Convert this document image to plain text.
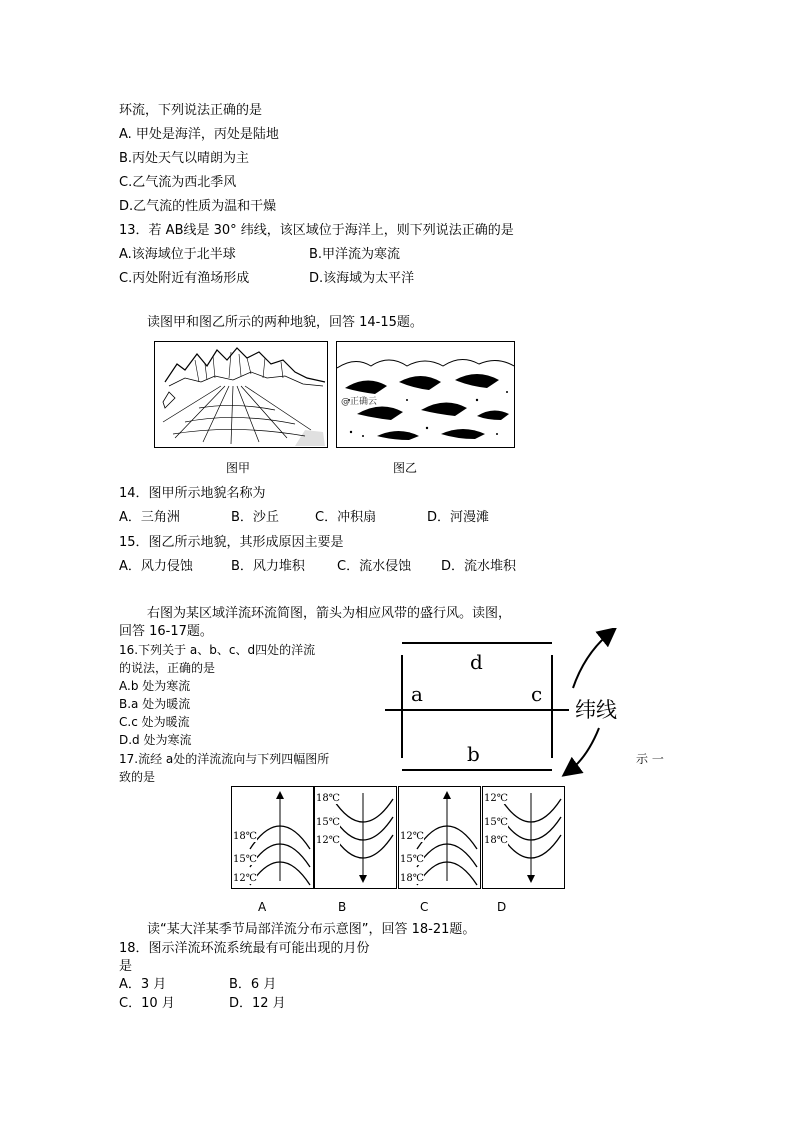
环流，下列说法正确的是
A. 甲处是海洋，丙处是陆地
B.丙处天气以晴朗为主
C.乙气流为西北季风
D.乙气流的性质为温和干燥
13．若 AB线是 30° 纬线，该区域位于海洋上，则下列说法正确的是
A.该海域位于北半球	B.甲洋流为寒流
C.丙处附近有渔场形成	D.该海域为太平洋
读图甲和图乙所示的两种地貌，回答 14-15题。
图甲
@正确云
图乙
14．图甲所示地貌名称为
A．三角洲	B．沙丘	C．冲积扇	D．河漫滩
15．图乙所示地貌，其形成原因主要是
A．风力侵蚀	B．风力堆积 C．流水侵蚀 D．流水堆积
右图为某区域洋流环流简图，箭头为相应风带的盛行风。读图，
回答 16-17题。
16.下列关于 a、b、c、d四处的洋流
的说法，正确的是
A.b 处为寒流
B.a 处为暖流
C.c 处为暖流
D.d 处为寒流
17.流经 a处的洋流流向与下列四幅图所	示 一
致的是
d
a	c
b
纬线
18℃
15℃
12℃
18℃
15℃
12℃	12℃
15℃
18℃
12℃
15℃
18℃
A	B	C	D
读“某大洋某季节局部洋流分布示意图”，回答 18-21题。
18．图示洋流环流系统最有可能出现的月份
是
A．3 月	B．6 月
C．10 月	D．12 月
